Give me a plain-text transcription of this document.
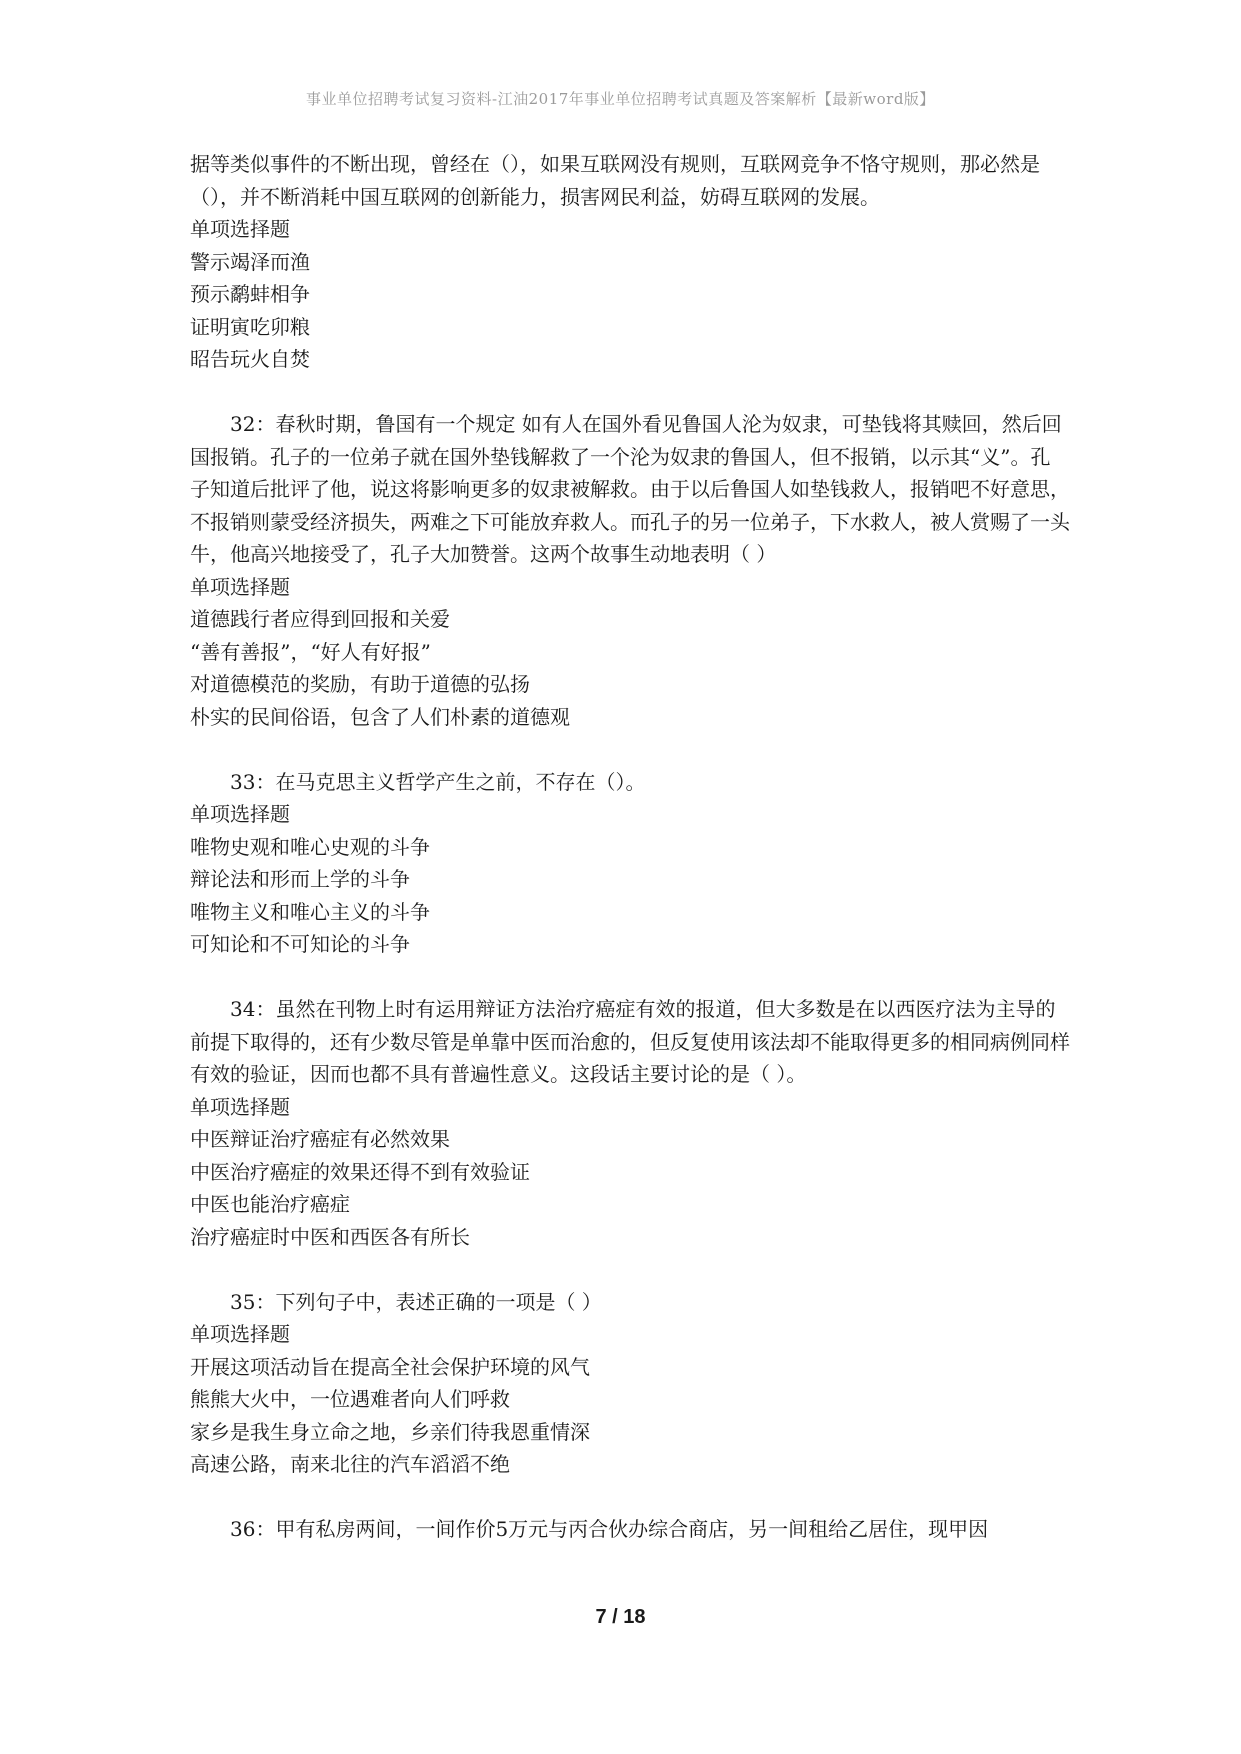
事业单位招聘考试复习资料-江油2017年事业单位招聘考试真题及答案解析【最新word版】

据等类似事件的不断出现，曾经在（），如果互联网没有规则，互联网竞争不恪守规则，那必然是（），并不断消耗中国互联网的创新能力，损害网民利益，妨碍互联网的发展。

单项选择题

警示竭泽而渔

预示鹬蚌相争

证明寅吃卯粮

昭告玩火自焚

32：春秋时期，鲁国有一个规定 如有人在国外看见鲁国人沦为奴隶，可垫钱将其赎回，然后回国报销。孔子的一位弟子就在国外垫钱解救了一个沦为奴隶的鲁国人，但不报销，以示其“义”。孔子知道后批评了他，说这将影响更多的奴隶被解救。由于以后鲁国人如垫钱救人，报销吧不好意思，不报销则蒙受经济损失，两难之下可能放弃救人。而孔子的另一位弟子，下水救人，被人赏赐了一头牛，他高兴地接受了，孔子大加赞誉。这两个故事生动地表明（ ）

单项选择题

道德践行者应得到回报和关爱

“善有善报”，“好人有好报”

对道德模范的奖励，有助于道德的弘扬

朴实的民间俗语，包含了人们朴素的道德观

33：在马克思主义哲学产生之前，不存在（）。

单项选择题

唯物史观和唯心史观的斗争

辩论法和形而上学的斗争

唯物主义和唯心主义的斗争

可知论和不可知论的斗争

34：虽然在刊物上时有运用辩证方法治疗癌症有效的报道，但大多数是在以西医疗法为主导的前提下取得的，还有少数尽管是单靠中医而治愈的，但反复使用该法却不能取得更多的相同病例同样有效的验证，因而也都不具有普遍性意义。这段话主要讨论的是（ ）。

单项选择题

中医辩证治疗癌症有必然效果

中医治疗癌症的效果还得不到有效验证

中医也能治疗癌症

治疗癌症时中医和西医各有所长

35：下列句子中，表述正确的一项是（ ）

单项选择题

开展这项活动旨在提高全社会保护环境的风气

熊熊大火中，一位遇难者向人们呼救

家乡是我生身立命之地，乡亲们待我恩重情深

高速公路，南来北往的汽车滔滔不绝

36：甲有私房两间，一间作价5万元与丙合伙办综合商店，另一间租给乙居住，现甲因

7 / 18
